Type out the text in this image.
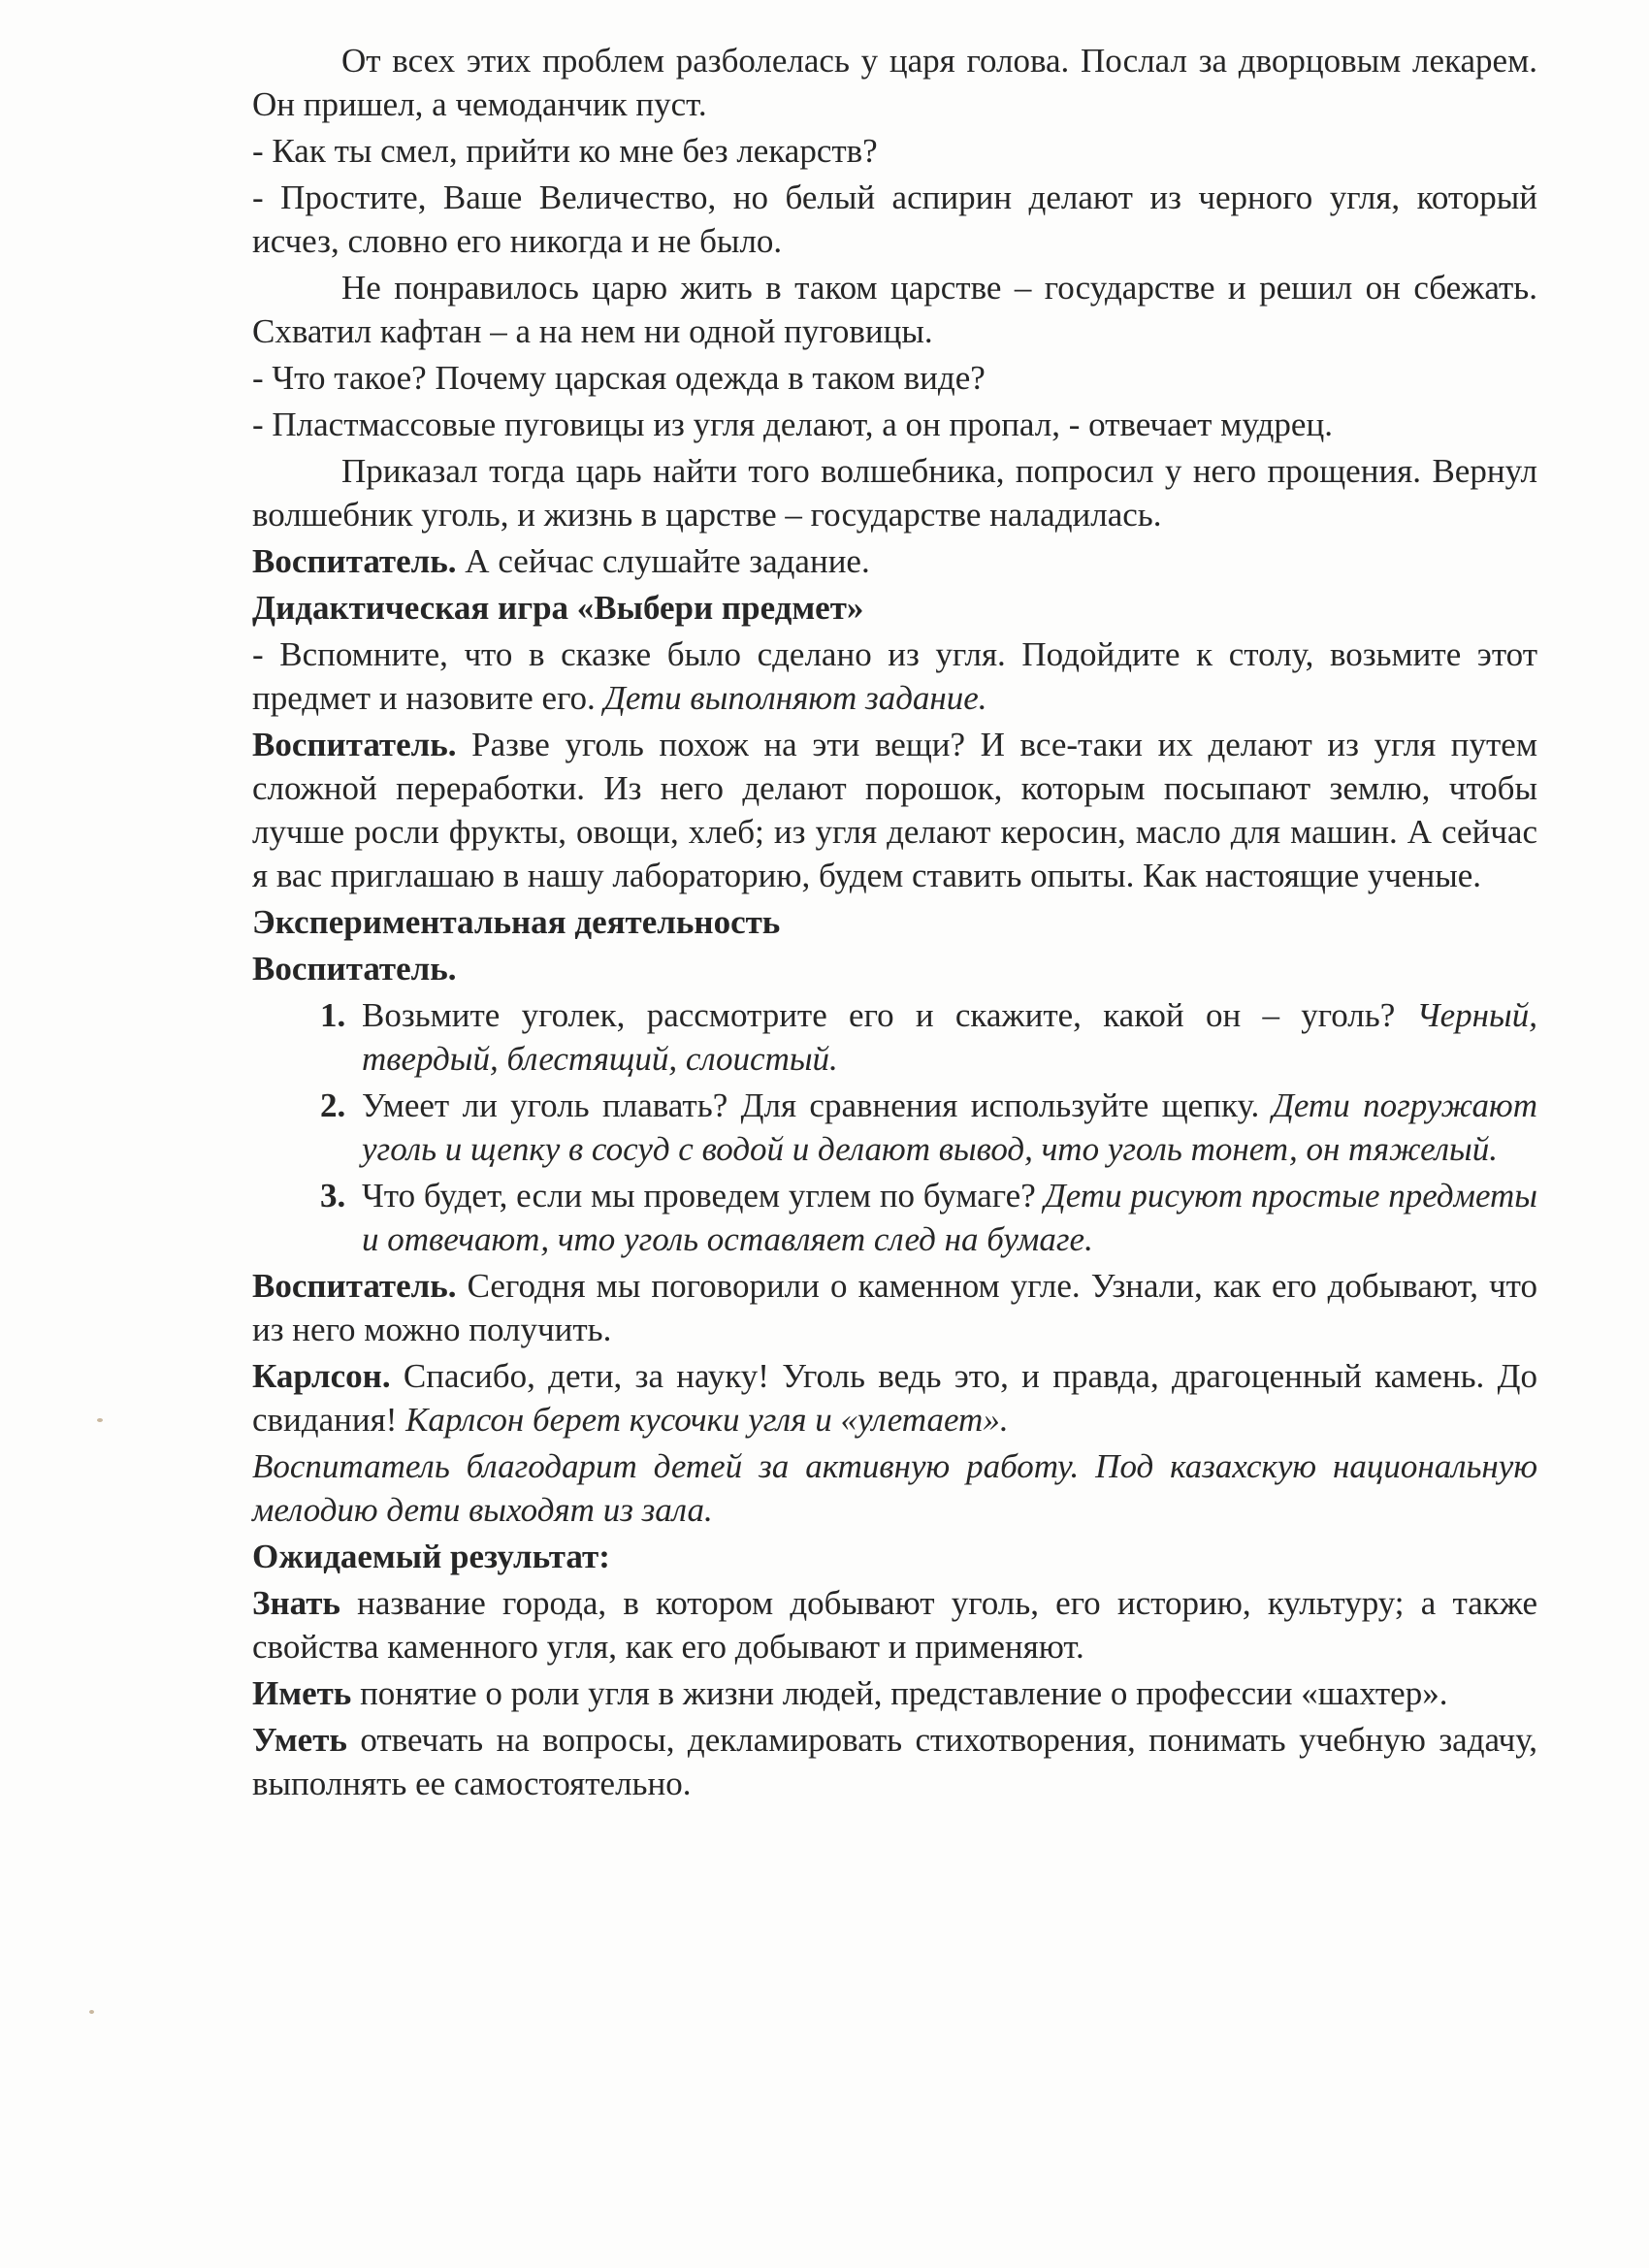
От всех этих проблем разболелась у царя голова. Послал за дворцовым лекарем. Он пришел, а чемоданчик пуст.

- Как ты смел, прийти ко мне без лекарств?

- Простите, Ваше Величество, но белый аспирин делают из черного угля, который исчез, словно его никогда и не было.

Не понравилось царю жить в таком царстве – государстве и решил он сбежать. Схватил кафтан – а на нем ни одной пуговицы.

- Что такое? Почему царская одежда в таком виде?

- Пластмассовые пуговицы из угля делают, а он пропал, - отвечает мудрец.

Приказал тогда царь найти того волшебника, попросил у него прощения. Вернул волшебник уголь, и жизнь в царстве – государстве наладилась.

Воспитатель. А сейчас слушайте задание.

Дидактическая игра «Выбери предмет»

- Вспомните, что в сказке было сделано из угля. Подойдите к столу, возьмите этот предмет и назовите его. Дети выполняют задание.

Воспитатель. Разве уголь похож на эти вещи? И все-таки их делают из угля путем сложной переработки. Из него делают порошок, которым посыпают землю, чтобы лучше росли фрукты, овощи, хлеб; из угля делают керосин, масло для машин. А сейчас я вас приглашаю в нашу лабораторию, будем ставить опыты. Как настоящие ученые.

Экспериментальная деятельность

Воспитатель.

1. Возьмите уголек, рассмотрите его и скажите, какой он – уголь? Черный, твердый, блестящий, слоистый.
2. Умеет ли уголь плавать? Для сравнения используйте щепку. Дети погружают уголь и щепку в сосуд с водой и делают вывод, что уголь тонет, он тяжелый.
3. Что будет, если мы проведем углем по бумаге? Дети рисуют простые предметы и отвечают, что уголь оставляет след на бумаге.

Воспитатель. Сегодня мы поговорили о каменном угле. Узнали, как его добывают, что из него можно получить.

Карлсон. Спасибо, дети, за науку! Уголь ведь это, и правда, драгоценный камень. До свидания! Карлсон берет кусочки угля и «улетает».

Воспитатель благодарит детей за активную работу. Под казахскую национальную мелодию дети выходят из зала.

Ожидаемый результат:

Знать название города, в котором добывают уголь, его историю, культуру; а также свойства каменного угля, как его добывают и применяют.

Иметь понятие о роли угля в жизни людей, представление о профессии «шахтер».

Уметь отвечать на вопросы, декламировать стихотворения, понимать учебную задачу, выполнять ее самостоятельно.
